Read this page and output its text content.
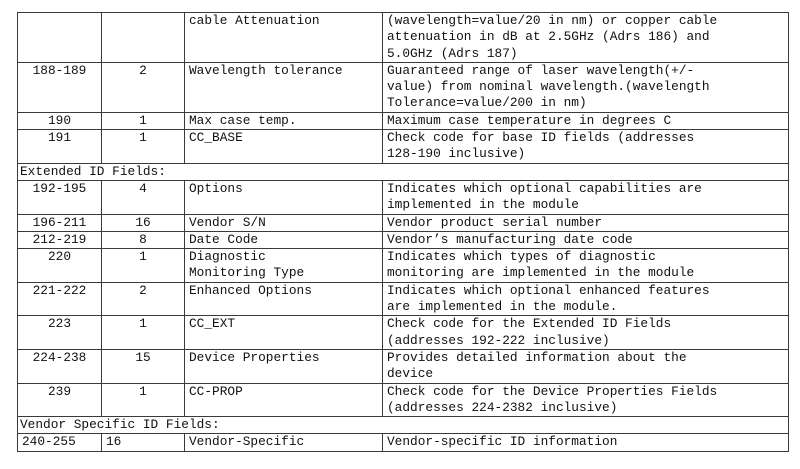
		cable Attenuation	(wavelength=value/20 in nm) or copper cable
attenuation in dB at 2.5GHz (Adrs 186) and
5.0GHz (Adrs 187)
188-189	2	Wavelength tolerance	Guaranteed range of laser wavelength(+/-
value) from nominal wavelength.(wavelength
Tolerance=value/200 in nm)
190	1	Max case temp.	Maximum case temperature in degrees C
191	1	CC_BASE	Check code for base ID fields (addresses
128-190 inclusive)
Extended ID Fields:			
192-195	4	Options	Indicates which optional capabilities are
implemented in the module
196-211	16	Vendor S/N	Vendor product serial number
212-219	8	Date Code	Vendor’s manufacturing date code
220	1	Diagnostic
Monitoring Type	Indicates which types of diagnostic
monitoring are implemented in the module
221-222	2	Enhanced Options	Indicates which optional enhanced features
are implemented in the module.
223	1	CC_EXT	Check code for the Extended ID Fields
(addresses 192-222 inclusive)
224-238	15	Device Properties	Provides detailed information about the
device
239	1	CC-PROP	Check code for the Device Properties Fields
(addresses 224-2382 inclusive)
Vendor Specific ID Fields:			
240-255	16	Vendor-Specific	Vendor-specific ID information
